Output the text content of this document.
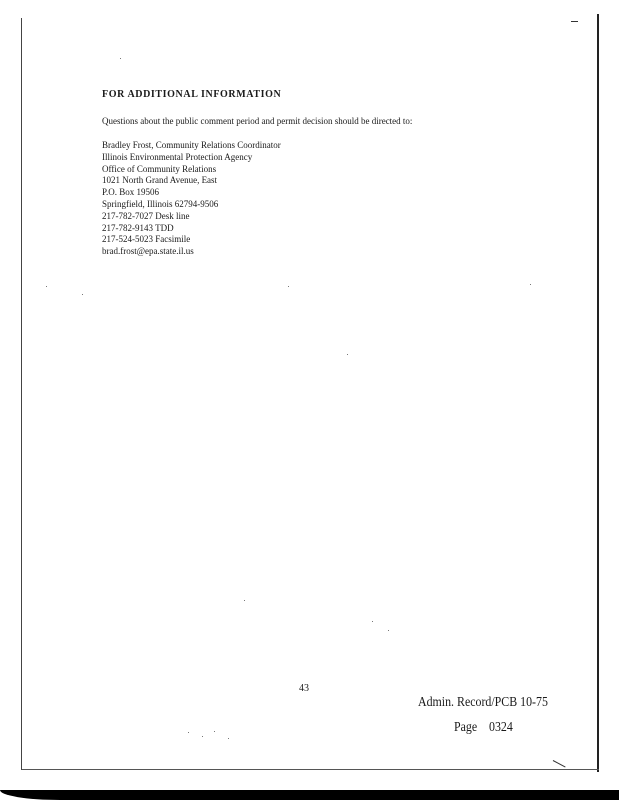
FOR ADDITIONAL INFORMATION
Questions about the public comment period and permit decision should be directed to:
Bradley Frost, Community Relations Coordinator
Illinois Environmental Protection Agency
Office of Community Relations
1021 North Grand Avenue, East
P.O. Box 19506
Springfield, Illinois 62794-9506
217-782-7027 Desk line
217-782-9143 TDD
217-524-5023 Facsimile
brad.frost@epa.state.il.us
43
Admin. Record/PCB 10-75
Page 0324
